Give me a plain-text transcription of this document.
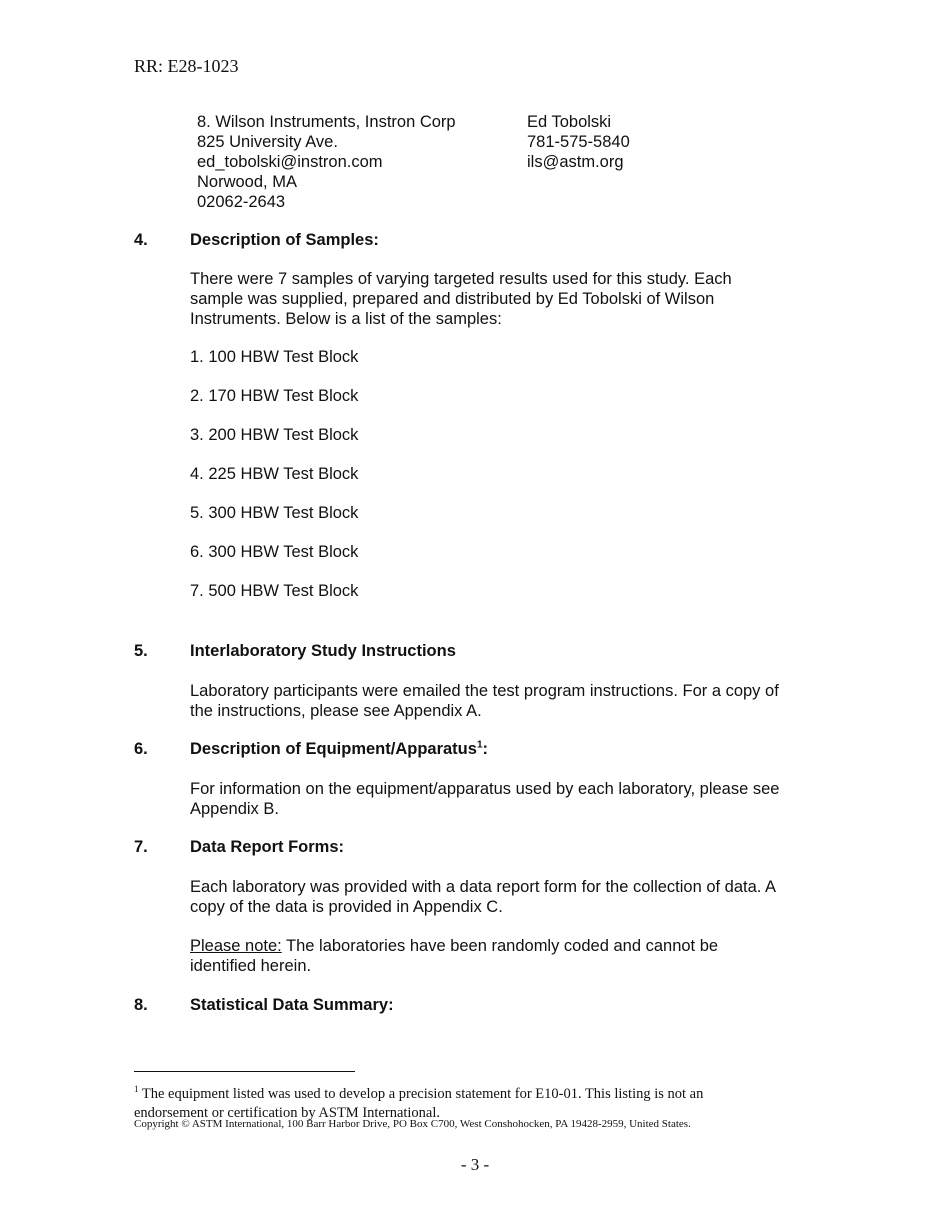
RR: E28-1023
8. Wilson Instruments, Instron Corp
825 University Ave.
ed_tobolski@instron.com
Norwood, MA
02062-2643
Ed Tobolski
781-575-5840
ils@astm.org
4.	Description of Samples:
There were 7 samples of varying targeted results used for this study. Each
sample was supplied, prepared and distributed by Ed Tobolski of Wilson
Instruments. Below is a list of the samples:
1. 100 HBW Test Block
2. 170 HBW Test Block
3. 200 HBW Test Block
4. 225 HBW Test Block
5. 300 HBW Test Block
6. 300 HBW Test Block
7. 500 HBW Test Block
5.	Interlaboratory Study Instructions
Laboratory participants were emailed the test program instructions. For a copy of
the instructions, please see Appendix A.
6.	Description of Equipment/Apparatus$^1$:
For information on the equipment/apparatus used by each laboratory, please see
Appendix B.
7.	Data Report Forms:
Each laboratory was provided with a data report form for the collection of data. A
copy of the data is provided in Appendix C.
Please note: The laboratories have been randomly coded and cannot be
identified herein.
8.	Statistical Data Summary:
$^1$ The equipment listed was used to develop a precision statement for E10-01. This listing is not an
endorsement or certification by ASTM International.
Copyright © ASTM International, 100 Barr Harbor Drive, PO Box C700, West Conshohocken, PA 19428-2959, United States.
- 3 -
